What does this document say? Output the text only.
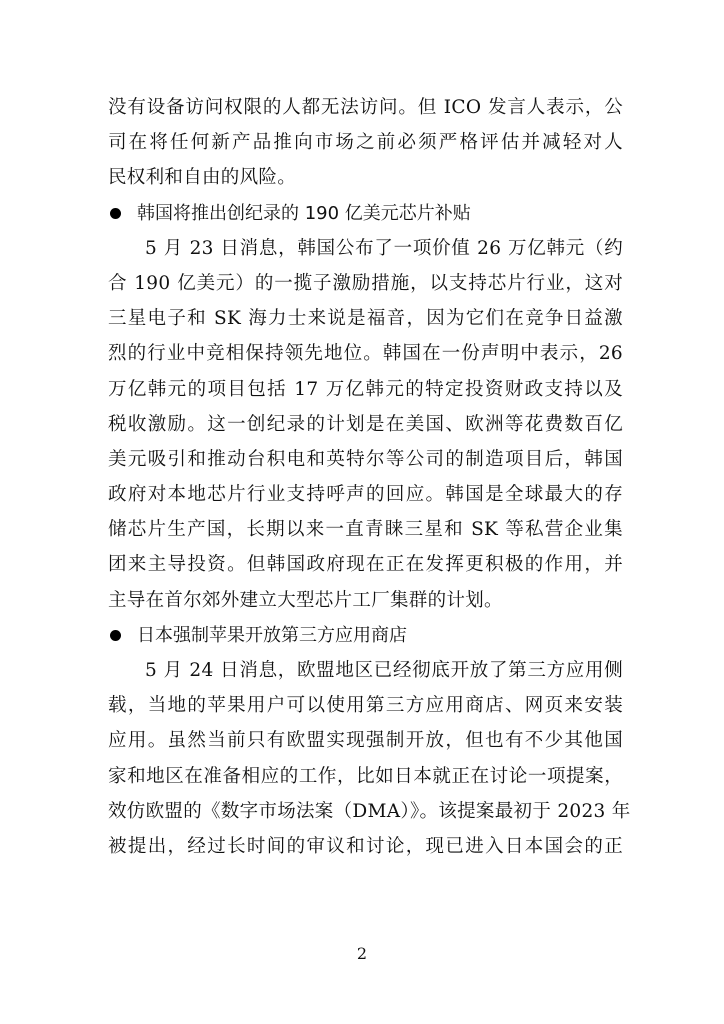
没有设备访问权限的人都无法访问。但 ICO 发言人表示，公
司在将任何新产品推向市场之前必须严格评估并减轻对人
民权利和自由的风险。
韩国将推出创纪录的 190 亿美元芯片补贴
5 月 23 日消息，韩国公布了一项价值 26 万亿韩元（约
合 190 亿美元）的一揽子激励措施，以支持芯片行业，这对
三星电子和 SK 海力士来说是福音，因为它们在竞争日益激
烈的行业中竞相保持领先地位。韩国在一份声明中表示，26
万亿韩元的项目包括 17 万亿韩元的特定投资财政支持以及
税收激励。这一创纪录的计划是在美国、欧洲等花费数百亿
美元吸引和推动台积电和英特尔等公司的制造项目后，韩国
政府对本地芯片行业支持呼声的回应。韩国是全球最大的存
储芯片生产国，长期以来一直青睐三星和 SK 等私营企业集
团来主导投资。但韩国政府现在正在发挥更积极的作用，并
主导在首尔郊外建立大型芯片工厂集群的计划。
日本强制苹果开放第三方应用商店
5 月 24 日消息，欧盟地区已经彻底开放了第三方应用侧
载，当地的苹果用户可以使用第三方应用商店、网页来安装
应用。虽然当前只有欧盟实现强制开放，但也有不少其他国
家和地区在准备相应的工作，比如日本就正在讨论一项提案，
效仿欧盟的《数字市场法案（DMA）》。该提案最初于 2023 年
被提出，经过长时间的审议和讨论，现已进入日本国会的正
2
